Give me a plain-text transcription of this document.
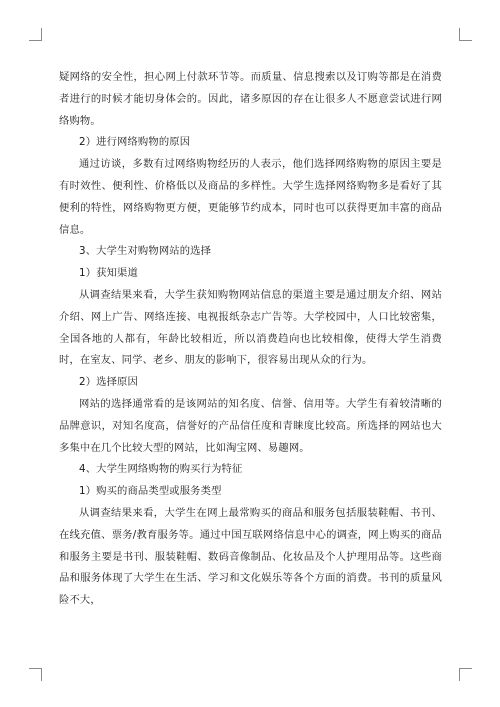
疑网络的安全性，担心网上付款环节等。而质量、信息搜索以及订购等都是在消费者进行的时候才能切身体会的。因此，诸多原因的存在让很多人不愿意尝试进行网络购物。

2）进行网络购物的原因

通过访谈，多数有过网络购物经历的人表示，他们选择网络购物的原因主要是有时效性、便利性、价格低以及商品的多样性。大学生选择网络购物多是看好了其便利的特性，网络购物更方便，更能够节约成本，同时也可以获得更加丰富的商品信息。

3、大学生对购物网站的选择

1）获知渠道

从调查结果来看，大学生获知购物网站信息的渠道主要是通过朋友介绍、网站介绍、网上广告、网络连接、电视报纸杂志广告等。大学校园中，人口比较密集，全国各地的人都有，年龄比较相近，所以消费趋向也比较相像，使得大学生消费时，在室友、同学、老乡、朋友的影响下，很容易出现从众的行为。

2）选择原因

网站的选择通常看的是该网站的知名度、信誉、信用等。大学生有着较清晰的品牌意识，对知名度高，信誉好的产品信任度和青睐度比较高。所选择的网站也大多集中在几个比较大型的网站，比如淘宝网、易趣网。

4、大学生网络购物的购买行为特征

1）购买的商品类型或服务类型

从调查结果来看，大学生在网上最常购买的商品和服务包括服装鞋帽、书刊、在线充值、票务/教育服务等。通过中国互联网络信息中心的调查，网上购买的商品和服务主要是书刊、服装鞋帽、数码音像制品、化妆品及个人护理用品等。这些商品和服务体现了大学生在生活、学习和文化娱乐等各个方面的消费。书刊的质量风险不大，
